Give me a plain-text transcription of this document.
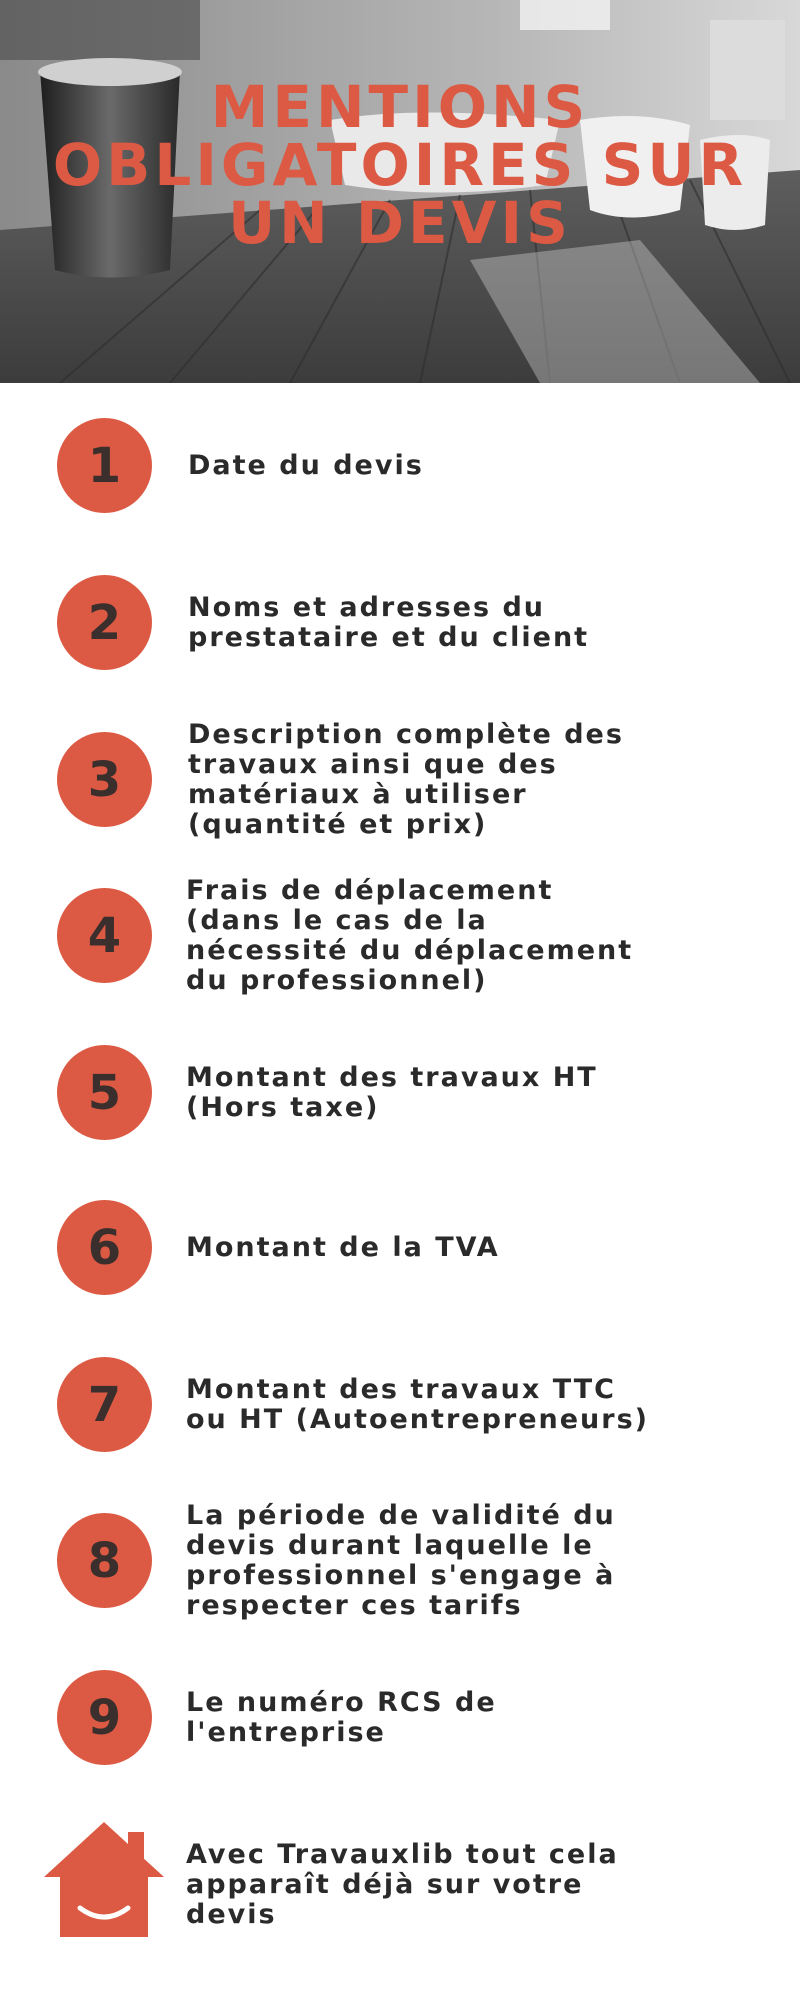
MENTIONS
OBLIGATOIRES SUR
UN DEVIS
1 Date du devis
2 Noms et adresses du
prestataire et du client
3
Description complète des
travaux ainsi que des
matériaux à utiliser
(quantité et prix)
4
Frais de déplacement
(dans le cas de la
nécessité du déplacement
du professionnel)
5 Montant des travaux HT
(Hors taxe)
6 Montant de la TVA
7 Montant des travaux TTC
ou HT (Autoentrepreneurs)
8
La période de validité du
devis durant laquelle le
professionnel s'engage à
respecter ces tarifs
9 Le numéro RCS de
l'entreprise
Avec Travauxlib tout cela
apparaît déjà sur votre
devis
